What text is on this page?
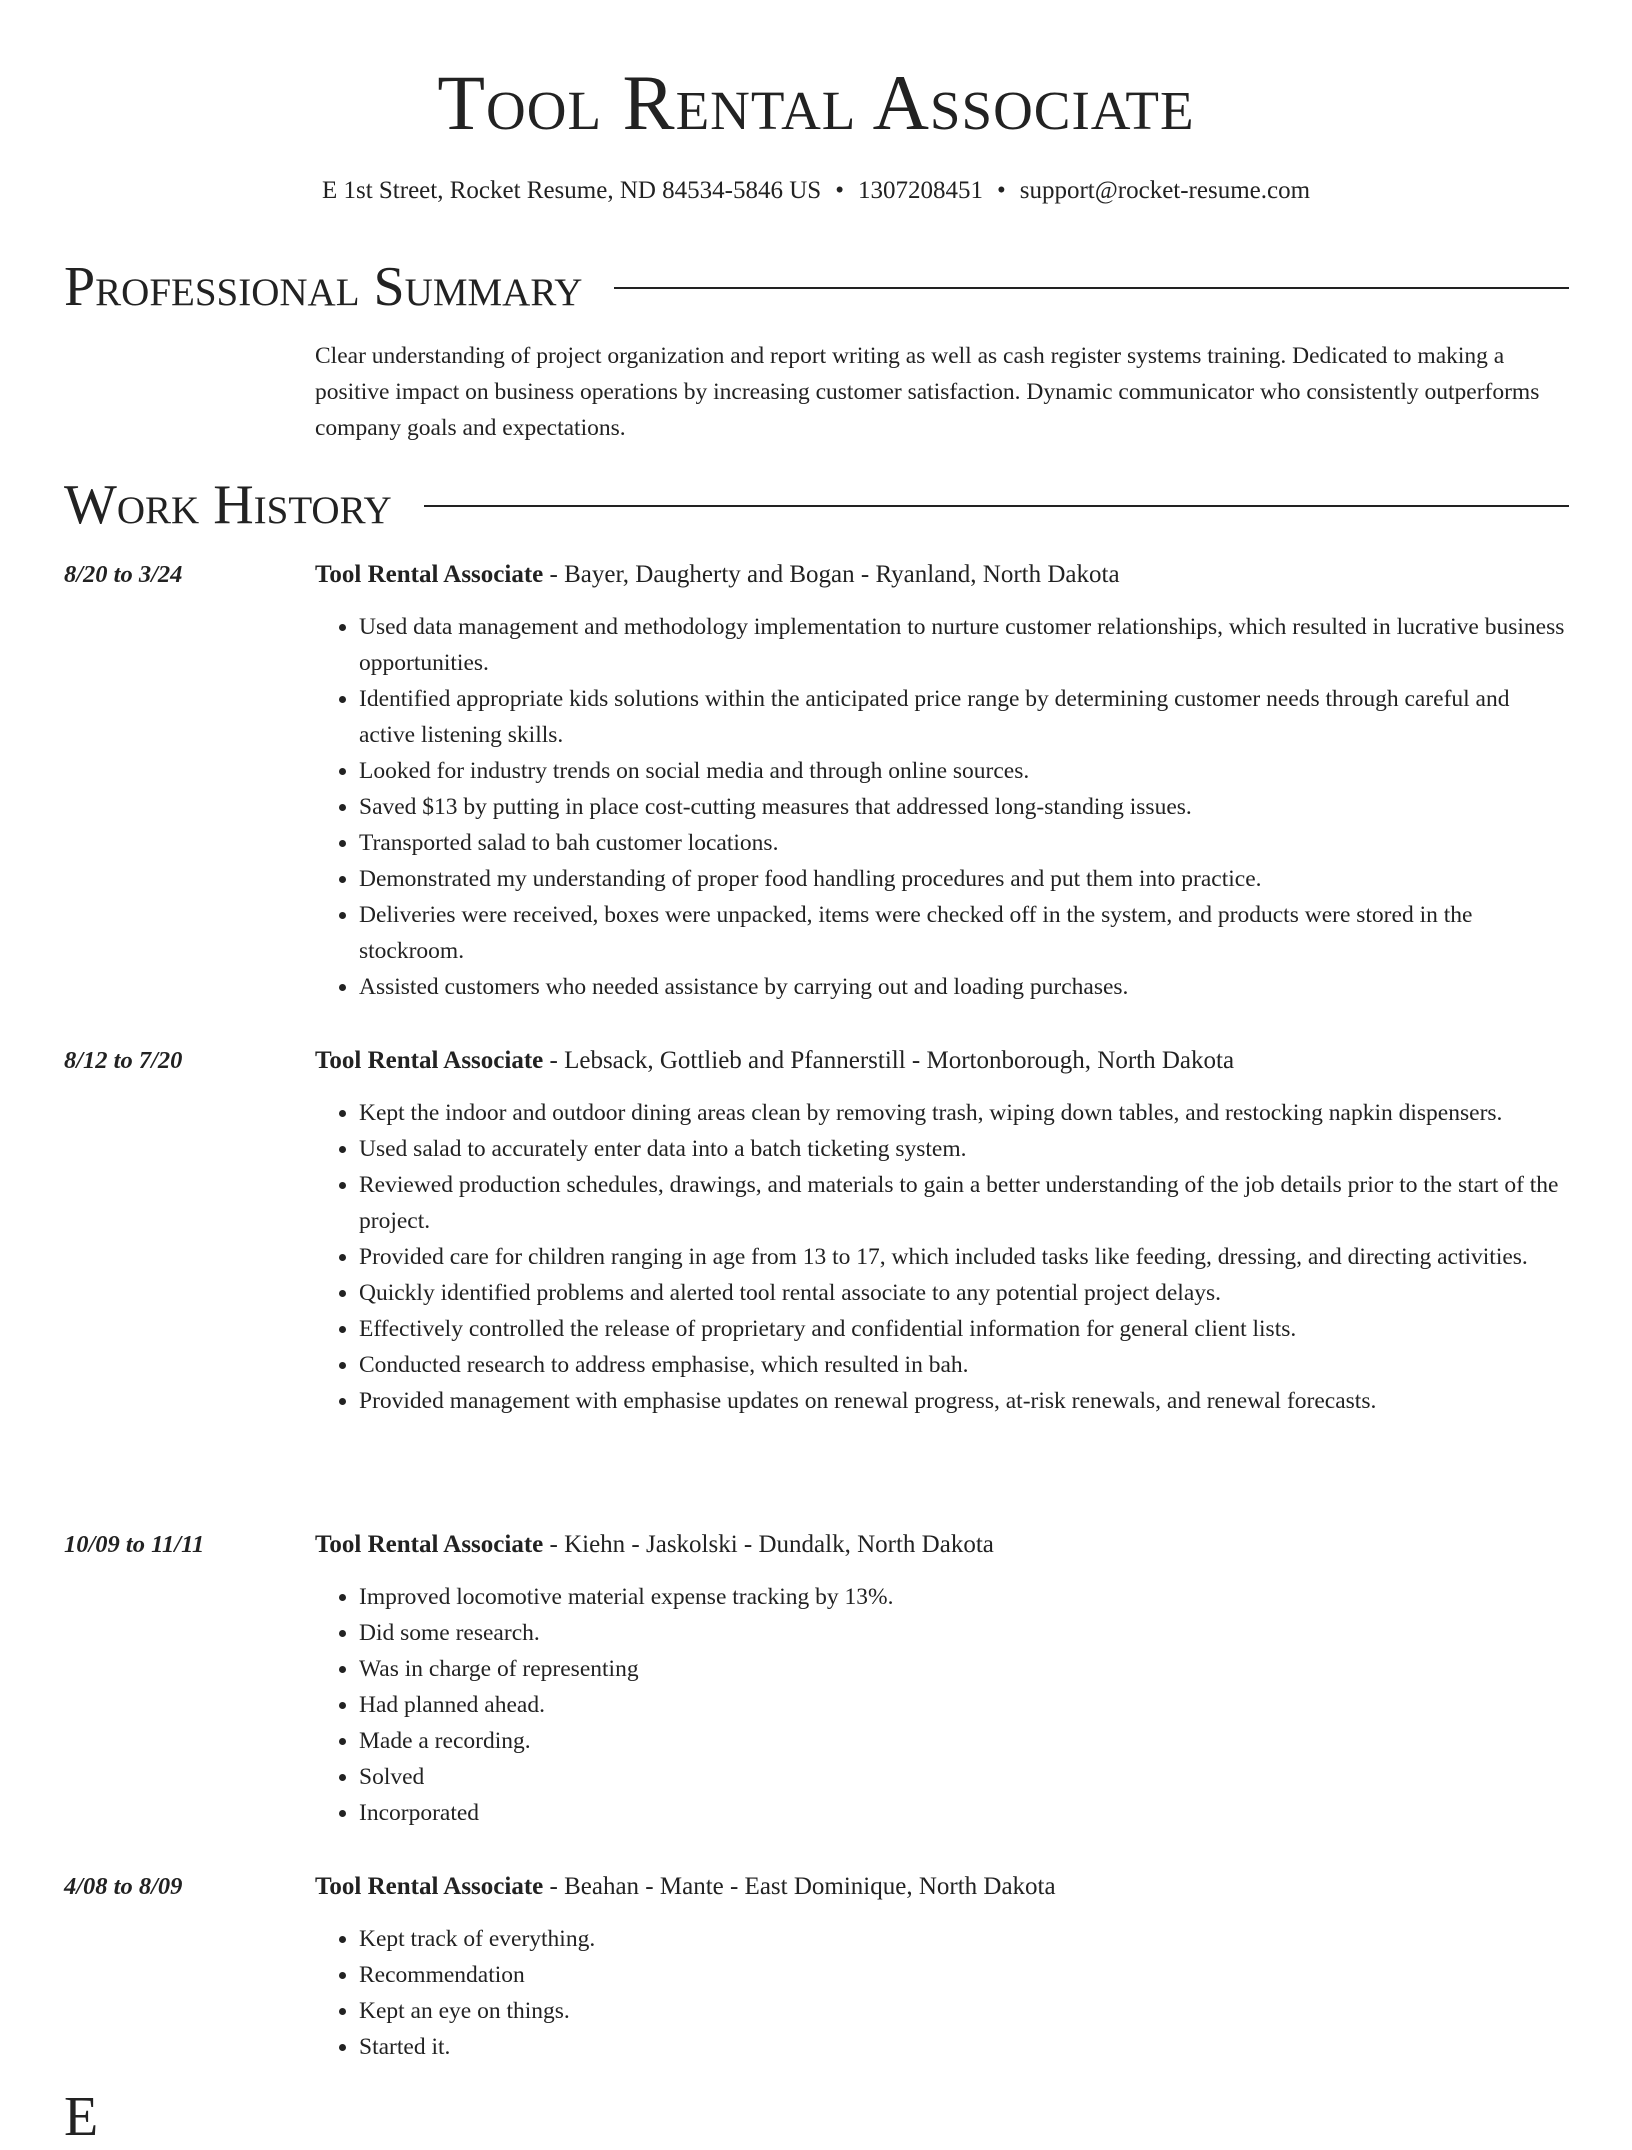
Tool Rental Associate
E 1st Street, Rocket Resume, ND 84534-5846 US • 1307208451 • support@rocket-resume.com
Professional Summary

Clear understanding of project organization and report writing as well as cash register systems training. Dedicated to making a positive impact on business operations by increasing customer satisfaction. Dynamic communicator who consistently outperforms company goals and expectations.

Work History
8/20 to 3/24	Tool Rental Associate - Bayer, Daugherty and Bogan - Ryanland, North Dakota
• Used data management and methodology implementation to nurture customer relationships, which resulted in lucrative business opportunities.
• Identified appropriate kids solutions within the anticipated price range by determining customer needs through careful and active listening skills.
• Looked for industry trends on social media and through online sources.
• Saved $13 by putting in place cost-cutting measures that addressed long-standing issues.
• Transported salad to bah customer locations.
• Demonstrated my understanding of proper food handling procedures and put them into practice.
• Deliveries were received, boxes were unpacked, items were checked off in the system, and products were stored in the stockroom.
• Assisted customers who needed assistance by carrying out and loading purchases.
8/12 to 7/20	Tool Rental Associate - Lebsack, Gottlieb and Pfannerstill - Mortonborough, North Dakota
• Kept the indoor and outdoor dining areas clean by removing trash, wiping down tables, and restocking napkin dispensers.
• Used salad to accurately enter data into a batch ticketing system.
• Reviewed production schedules, drawings, and materials to gain a better understanding of the job details prior to the start of the project.
• Provided care for children ranging in age from 13 to 17, which included tasks like feeding, dressing, and directing activities.
• Quickly identified problems and alerted tool rental associate to any potential project delays.
• Effectively controlled the release of proprietary and confidential information for general client lists.
• Conducted research to address emphasise, which resulted in bah.
• Provided management with emphasise updates on renewal progress, at-risk renewals, and renewal forecasts.
10/09 to 11/11	Tool Rental Associate - Kiehn - Jaskolski - Dundalk, North Dakota
• Improved locomotive material expense tracking by 13%.
• Did some research.
• Was in charge of representing
• Had planned ahead.
• Made a recording.
• Solved
• Incorporated
4/08 to 8/09	Tool Rental Associate - Beahan - Mante - East Dominique, North Dakota
• Kept track of everything.
• Recommendation
• Kept an eye on things.
• Started it.
E
